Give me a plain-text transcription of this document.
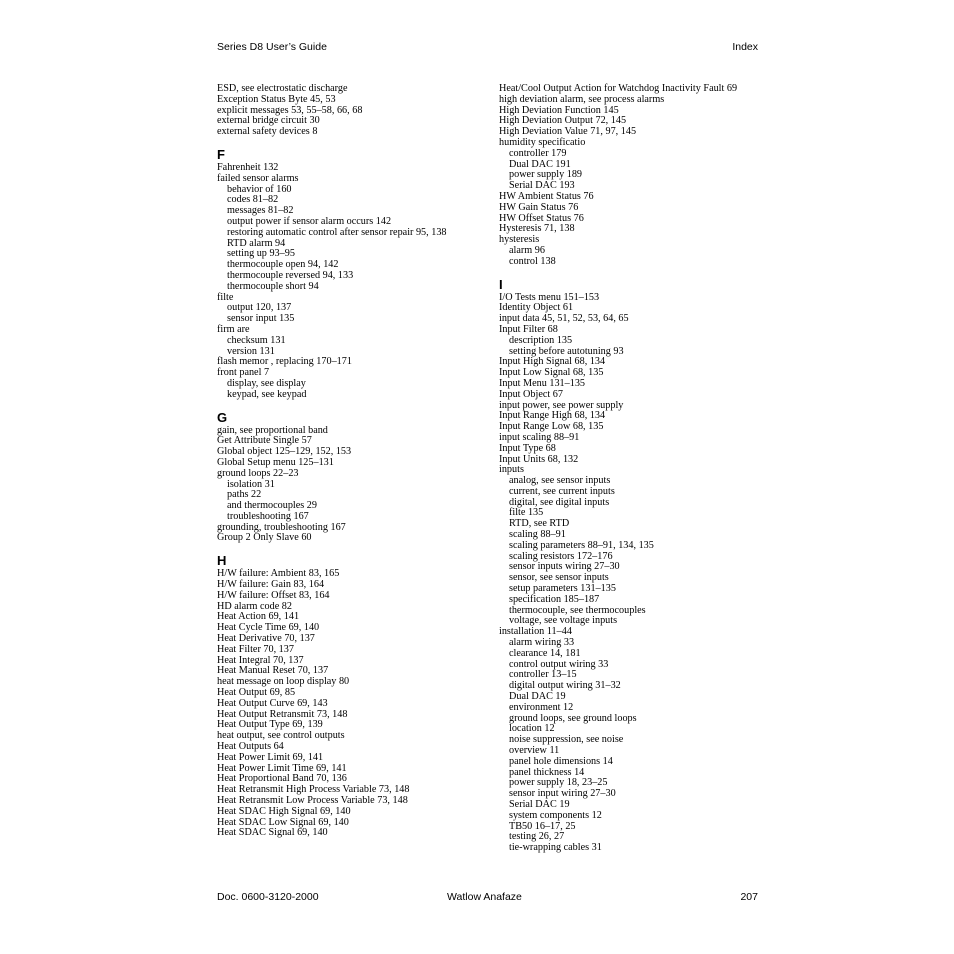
Series D8 User’s Guide	Index
ESD, see electrostatic discharge
Exception Status Byte 45, 53
explicit messages 53, 55–58, 66, 68
external bridge circuit 30
external safety devices 8
F
Fahrenheit 132
failed sensor alarms
behavior of 160
codes 81–82
messages 81–82
output power if sensor alarm occurs 142
restoring automatic control after sensor repair 95, 138
RTD alarm 94
setting up 93–95
thermocouple open 94, 142
thermocouple reversed 94, 133
thermocouple short 94
filte
output 120, 137
sensor input 135
firm are
checksum 131
version 131
flash memor , replacing 170–171
front panel 7
display, see display
keypad, see keypad
G
gain, see proportional band
Get Attribute Single 57
Global object 125–129, 152, 153
Global Setup menu 125–131
ground loops 22–23
isolation 31
paths 22
and thermocouples 29
troubleshooting 167
grounding, troubleshooting 167
Group 2 Only Slave 60
H
H/W failure: Ambient 83, 165
H/W failure: Gain 83, 164
H/W failure: Offset 83, 164
HD alarm code 82
Heat Action 69, 141
Heat Cycle Time 69, 140
Heat Derivative 70, 137
Heat Filter 70, 137
Heat Integral 70, 137
Heat Manual Reset 70, 137
heat message on loop display 80
Heat Output 69, 85
Heat Output Curve 69, 143
Heat Output Retransmit 73, 148
Heat Output Type 69, 139
heat output, see control outputs
Heat Outputs 64
Heat Power Limit 69, 141
Heat Power Limit Time 69, 141
Heat Proportional Band 70, 136
Heat Retransmit High Process Variable 73, 148
Heat Retransmit Low Process Variable 73, 148
Heat SDAC High Signal 69, 140
Heat SDAC Low Signal 69, 140
Heat SDAC Signal 69, 140
Heat/Cool Output Action for Watchdog Inactivity Fault 69
high deviation alarm, see process alarms
High Deviation Function 145
High Deviation Output 72, 145
High Deviation Value 71, 97, 145
humidity specificatio
controller 179
Dual DAC 191
power supply 189
Serial DAC 193
HW Ambient Status 76
HW Gain Status 76
HW Offset Status 76
Hysteresis 71, 138
hysteresis
alarm 96
control 138
I
I/O Tests menu 151–153
Identity Object 61
input data 45, 51, 52, 53, 64, 65
Input Filter 68
description 135
setting before autotuning 93
Input High Signal 68, 134
Input Low Signal 68, 135
Input Menu 131–135
Input Object 67
input power, see power supply
Input Range High 68, 134
Input Range Low 68, 135
input scaling 88–91
Input Type 68
Input Units 68, 132
inputs
analog, see sensor inputs
current, see current inputs
digital, see digital inputs
filte 135
RTD, see RTD
scaling 88–91
scaling parameters 88–91, 134, 135
scaling resistors 172–176
sensor inputs wiring 27–30
sensor, see sensor inputs
setup parameters 131–135
specification 185–187
thermocouple, see thermocouples
voltage, see voltage inputs
installation 11–44
alarm wiring 33
clearance 14, 181
control output wiring 33
controller 13–15
digital output wiring 31–32
Dual DAC 19
environment 12
ground loops, see ground loops
location 12
noise suppression, see noise
overview 11
panel hole dimensions 14
panel thickness 14
power supply 18, 23–25
sensor input wiring 27–30
Serial DAC 19
system components 12
TB50 16–17, 25
testing 26, 27
tie-wrapping cables 31
Doc. 0600-3120-2000	Watlow Anafaze	207
